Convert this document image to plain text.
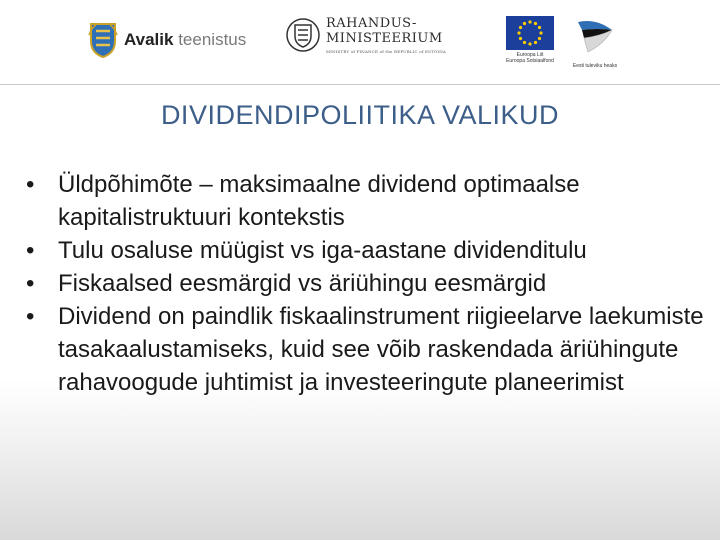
Avalik teenistus
RAHANDUS-
MINISTEERIUM
MINISTRY of FINANCE of the REPUBLIC of ESTONIA
Euroopa Liit
Euroopa Sotsiaalfond
Eesti tuleviku heaks
DIVIDENDIPOLIITIKA VALIKUD
• Üldpõhimõte – maksimaalne dividend optimaalse kapitalistruktuuri kontekstis
• Tulu osaluse müügist vs iga-aastane dividenditulu
• Fiskaalsed eesmärgid vs äriühingu eesmärgid
• Dividend on paindlik fiskaalinstrument riigieelarve laekumiste tasakaalustamiseks, kuid see võib raskendada äriühingute rahavoogude juhtimist ja investeeringute planeerimist
